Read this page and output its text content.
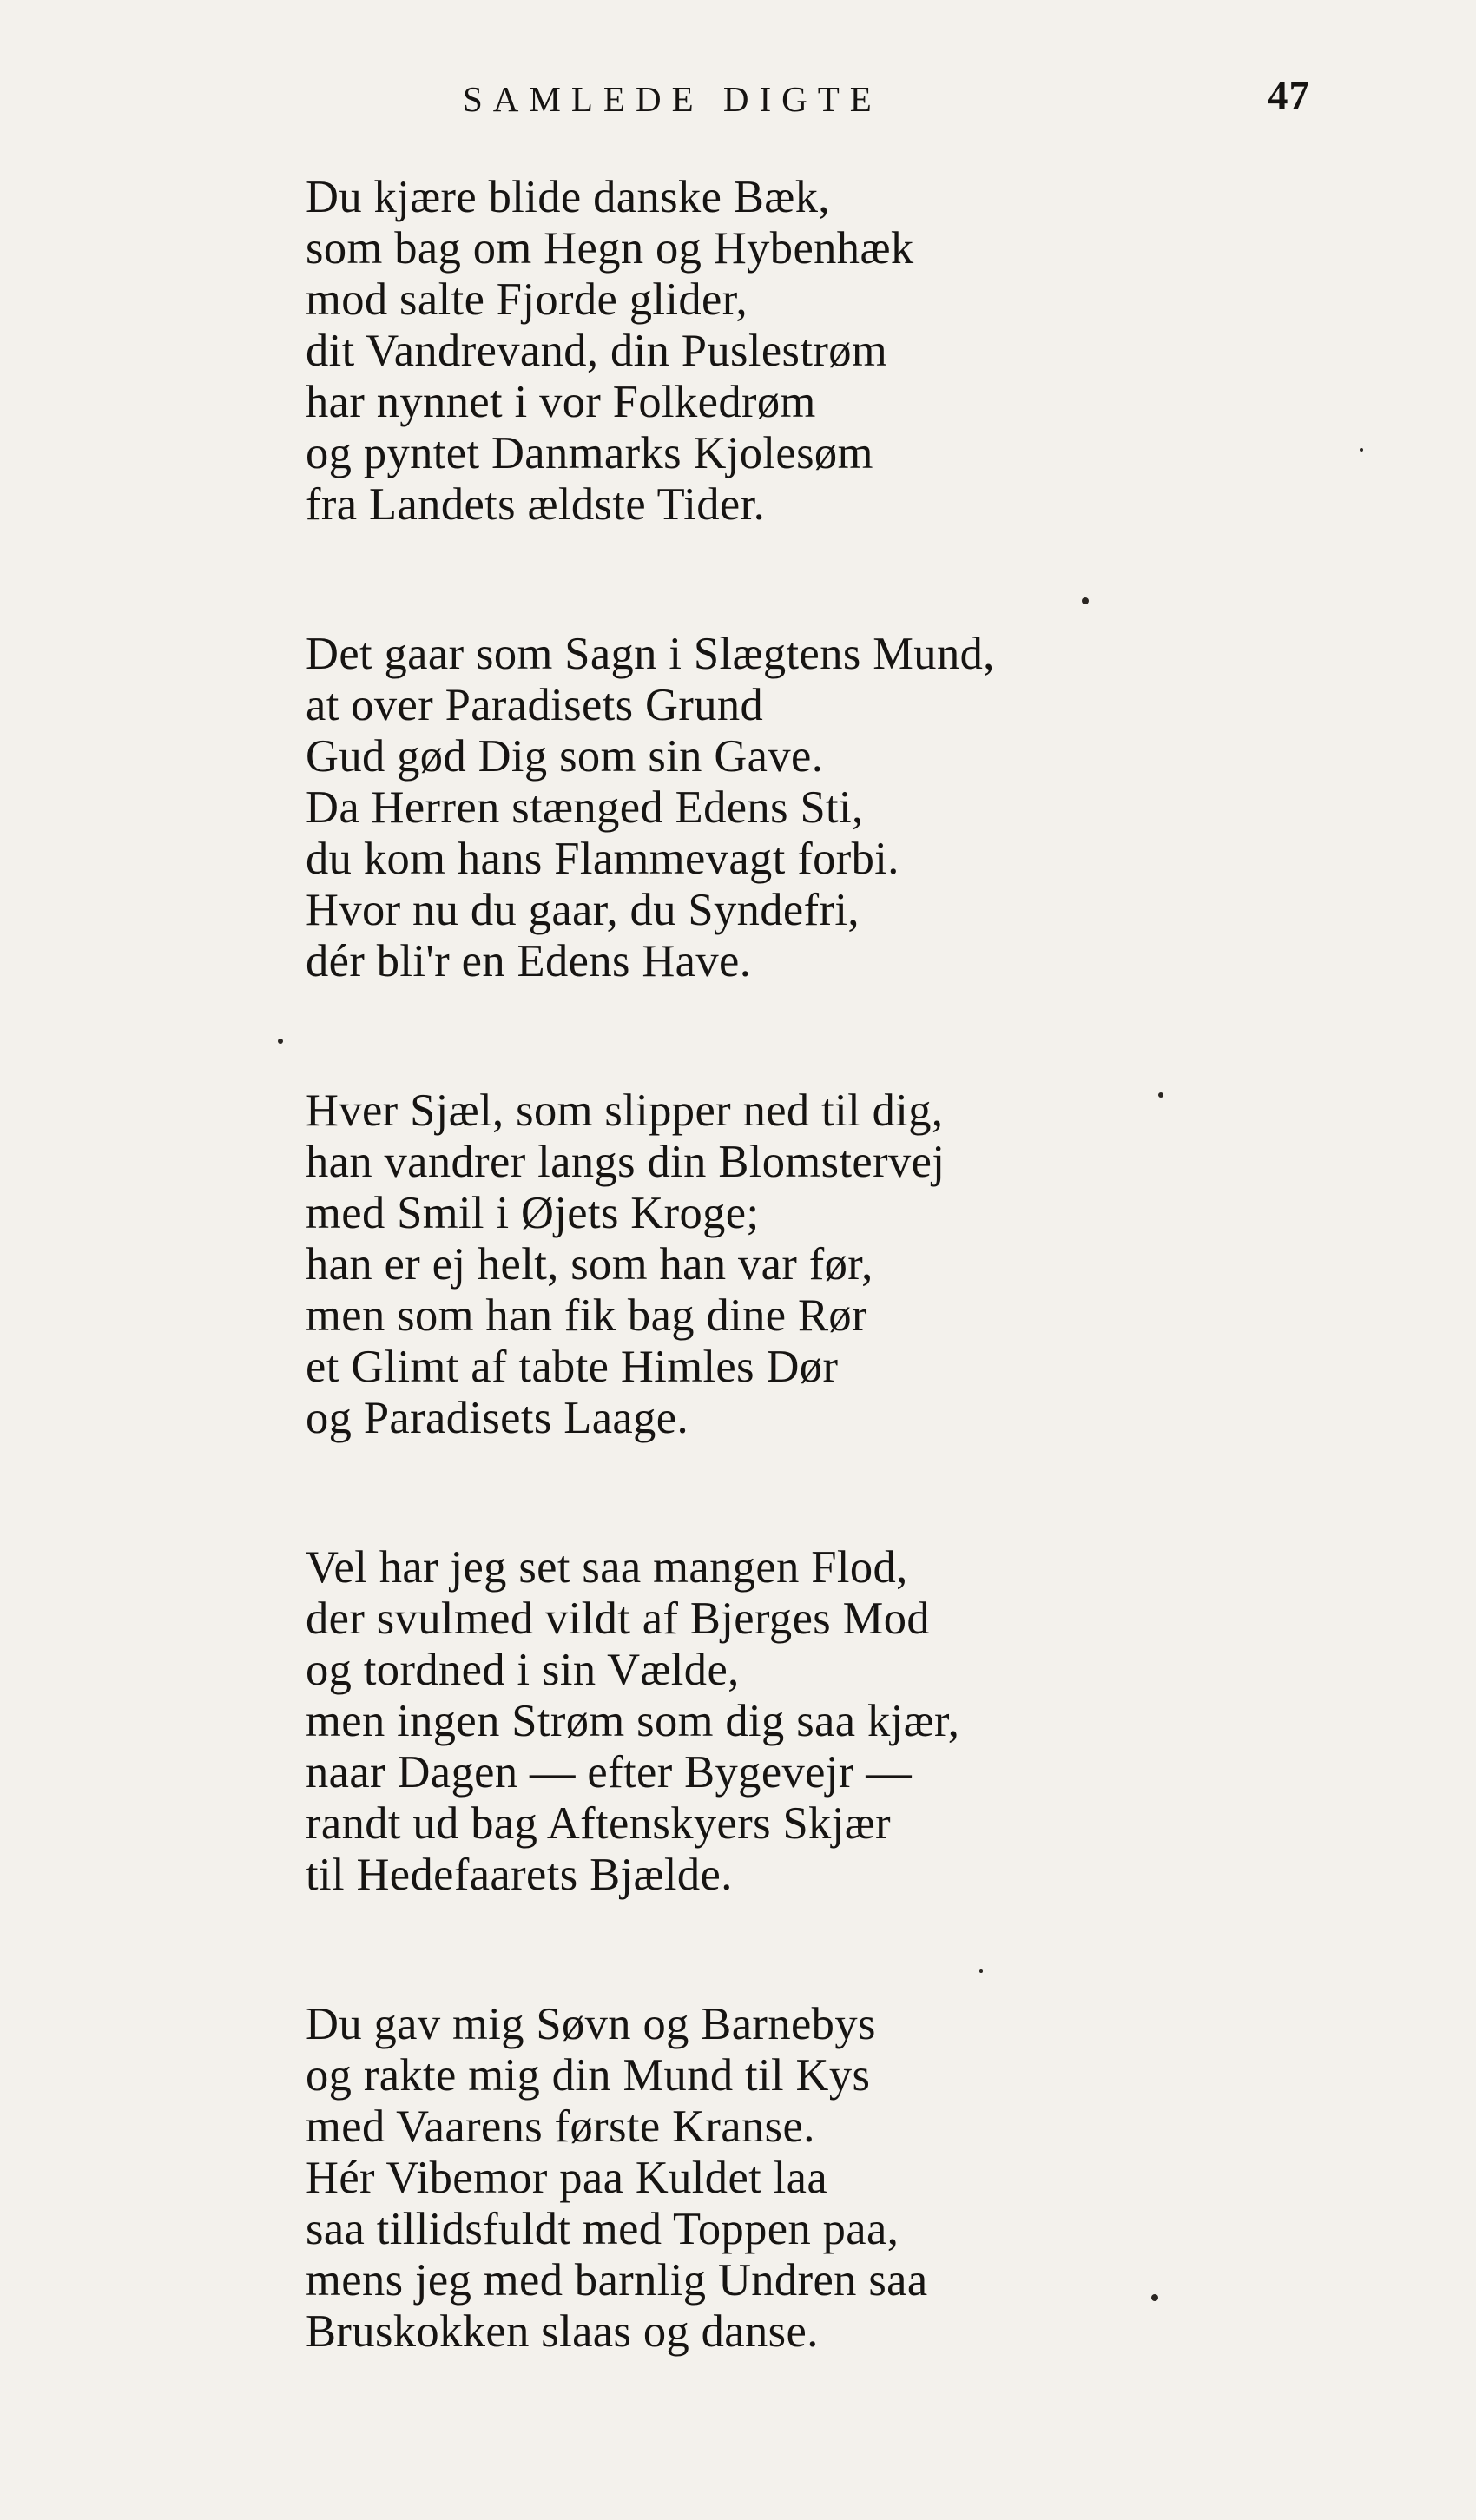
SAMLEDE DIGTE	47
Du kjære blide danske Bæk,
som bag om Hegn og Hybenhæk
mod salte Fjorde glider,
dit Vandrevand, din Puslestrøm
har nynnet i vor Folkedrøm
og pyntet Danmarks Kjolesøm
fra Landets ældste Tider.
Det gaar som Sagn i Slægtens Mund,
at over Paradisets Grund
Gud gød Dig som sin Gave.
Da Herren stænged Edens Sti,
du kom hans Flammevagt forbi.
Hvor nu du gaar, du Syndefri,
dér bli'r en Edens Have.
Hver Sjæl, som slipper ned til dig,
han vandrer langs din Blomstervej
med Smil i Øjets Kroge;
han er ej helt, som han var før,
men som han fik bag dine Rør
et Glimt af tabte Himles Dør
og Paradisets Laage.
Vel har jeg set saa mangen Flod,
der svulmed vildt af Bjerges Mod
og tordned i sin Vælde,
men ingen Strøm som dig saa kjær,
naar Dagen — efter Bygevejr —
randt ud bag Aftenskyers Skjær
til Hedefaarets Bjælde.
Du gav mig Søvn og Barnebys
og rakte mig din Mund til Kys
med Vaarens første Kranse.
Hér Vibemor paa Kuldet laa
saa tillidsfuldt med Toppen paa,
mens jeg med barnlig Undren saa
Bruskokken slaas og danse.
